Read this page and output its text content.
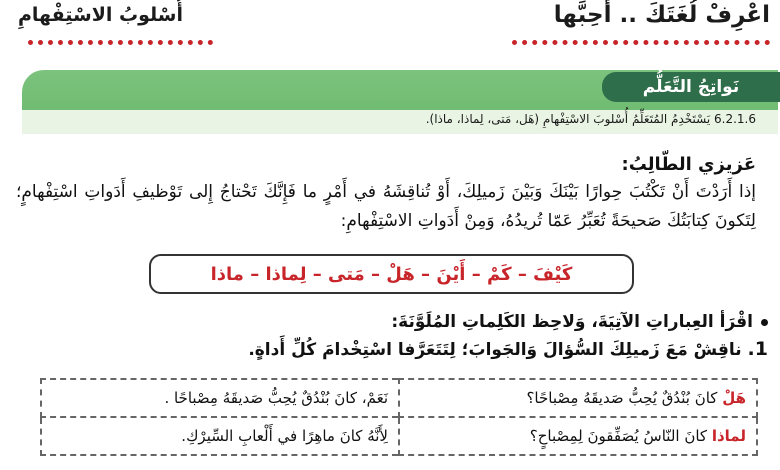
اعْرِفْ لُغَتَكَ .. أَحِبَّها
أُسْلوبُ الاسْتِفْهامِ
نَواتِجُ التَّعَلُّم
6.2.1.6 يَسْتَخْدِمُ المُتَعَلِّمُ أُسْلوبَ الاسْتِفْهامِ (هَل، مَتى، لِماذا، ماذا).
عَزيزي الطّالِبُ:
إذا أَرَدْتَ أَنْ تَكْتُبَ حِوارًا بَيْنَكَ وَبَيْنَ زَميلِكَ، أَوْ تُناقِشَهُ في أَمْرٍ ما فَإِنَّكَ تَحْتاجُ إِلى تَوْظيفِ أَدَواتِ اسْتِفْهامٍ؛ لِتَكونَ كِتابَتُكَ صَحيحَةً تُعَبِّرُ عَمّا تُريدُهُ، وَمِنْ أَدَواتِ الاسْتِفْهامِ:
كَيْفَ – كَمْ – أَيْنَ – هَلْ – مَتى – لِماذا – ماذا
اقْرَأ العِباراتِ الآتِيَةَ، وَلاحِظ الكَلِماتِ المُلَوَّنَةَ:
1. ناقِشْ مَعَ زَميلِكَ السُّؤالَ وَالجَوابَ؛ لِتَتَعَرَّفا اسْتِخْدامَ كُلِّ أَداةٍ.
هَلْ كانَ بُنْدُقٌ يُحِبُّ صَديقَهُ مِصْباحًا؟	نَعَمْ، كانَ بُنْدُقٌ يُحِبُّ صَديقَهُ مِصْباحًا .
لماذا كانَ النّاسُ يُصَفِّقونَ لِمِصْباحٍ؟	لِأَنَّهُ كانَ ماهِرًا في أَلْعابِ السِّيرْكِ.
